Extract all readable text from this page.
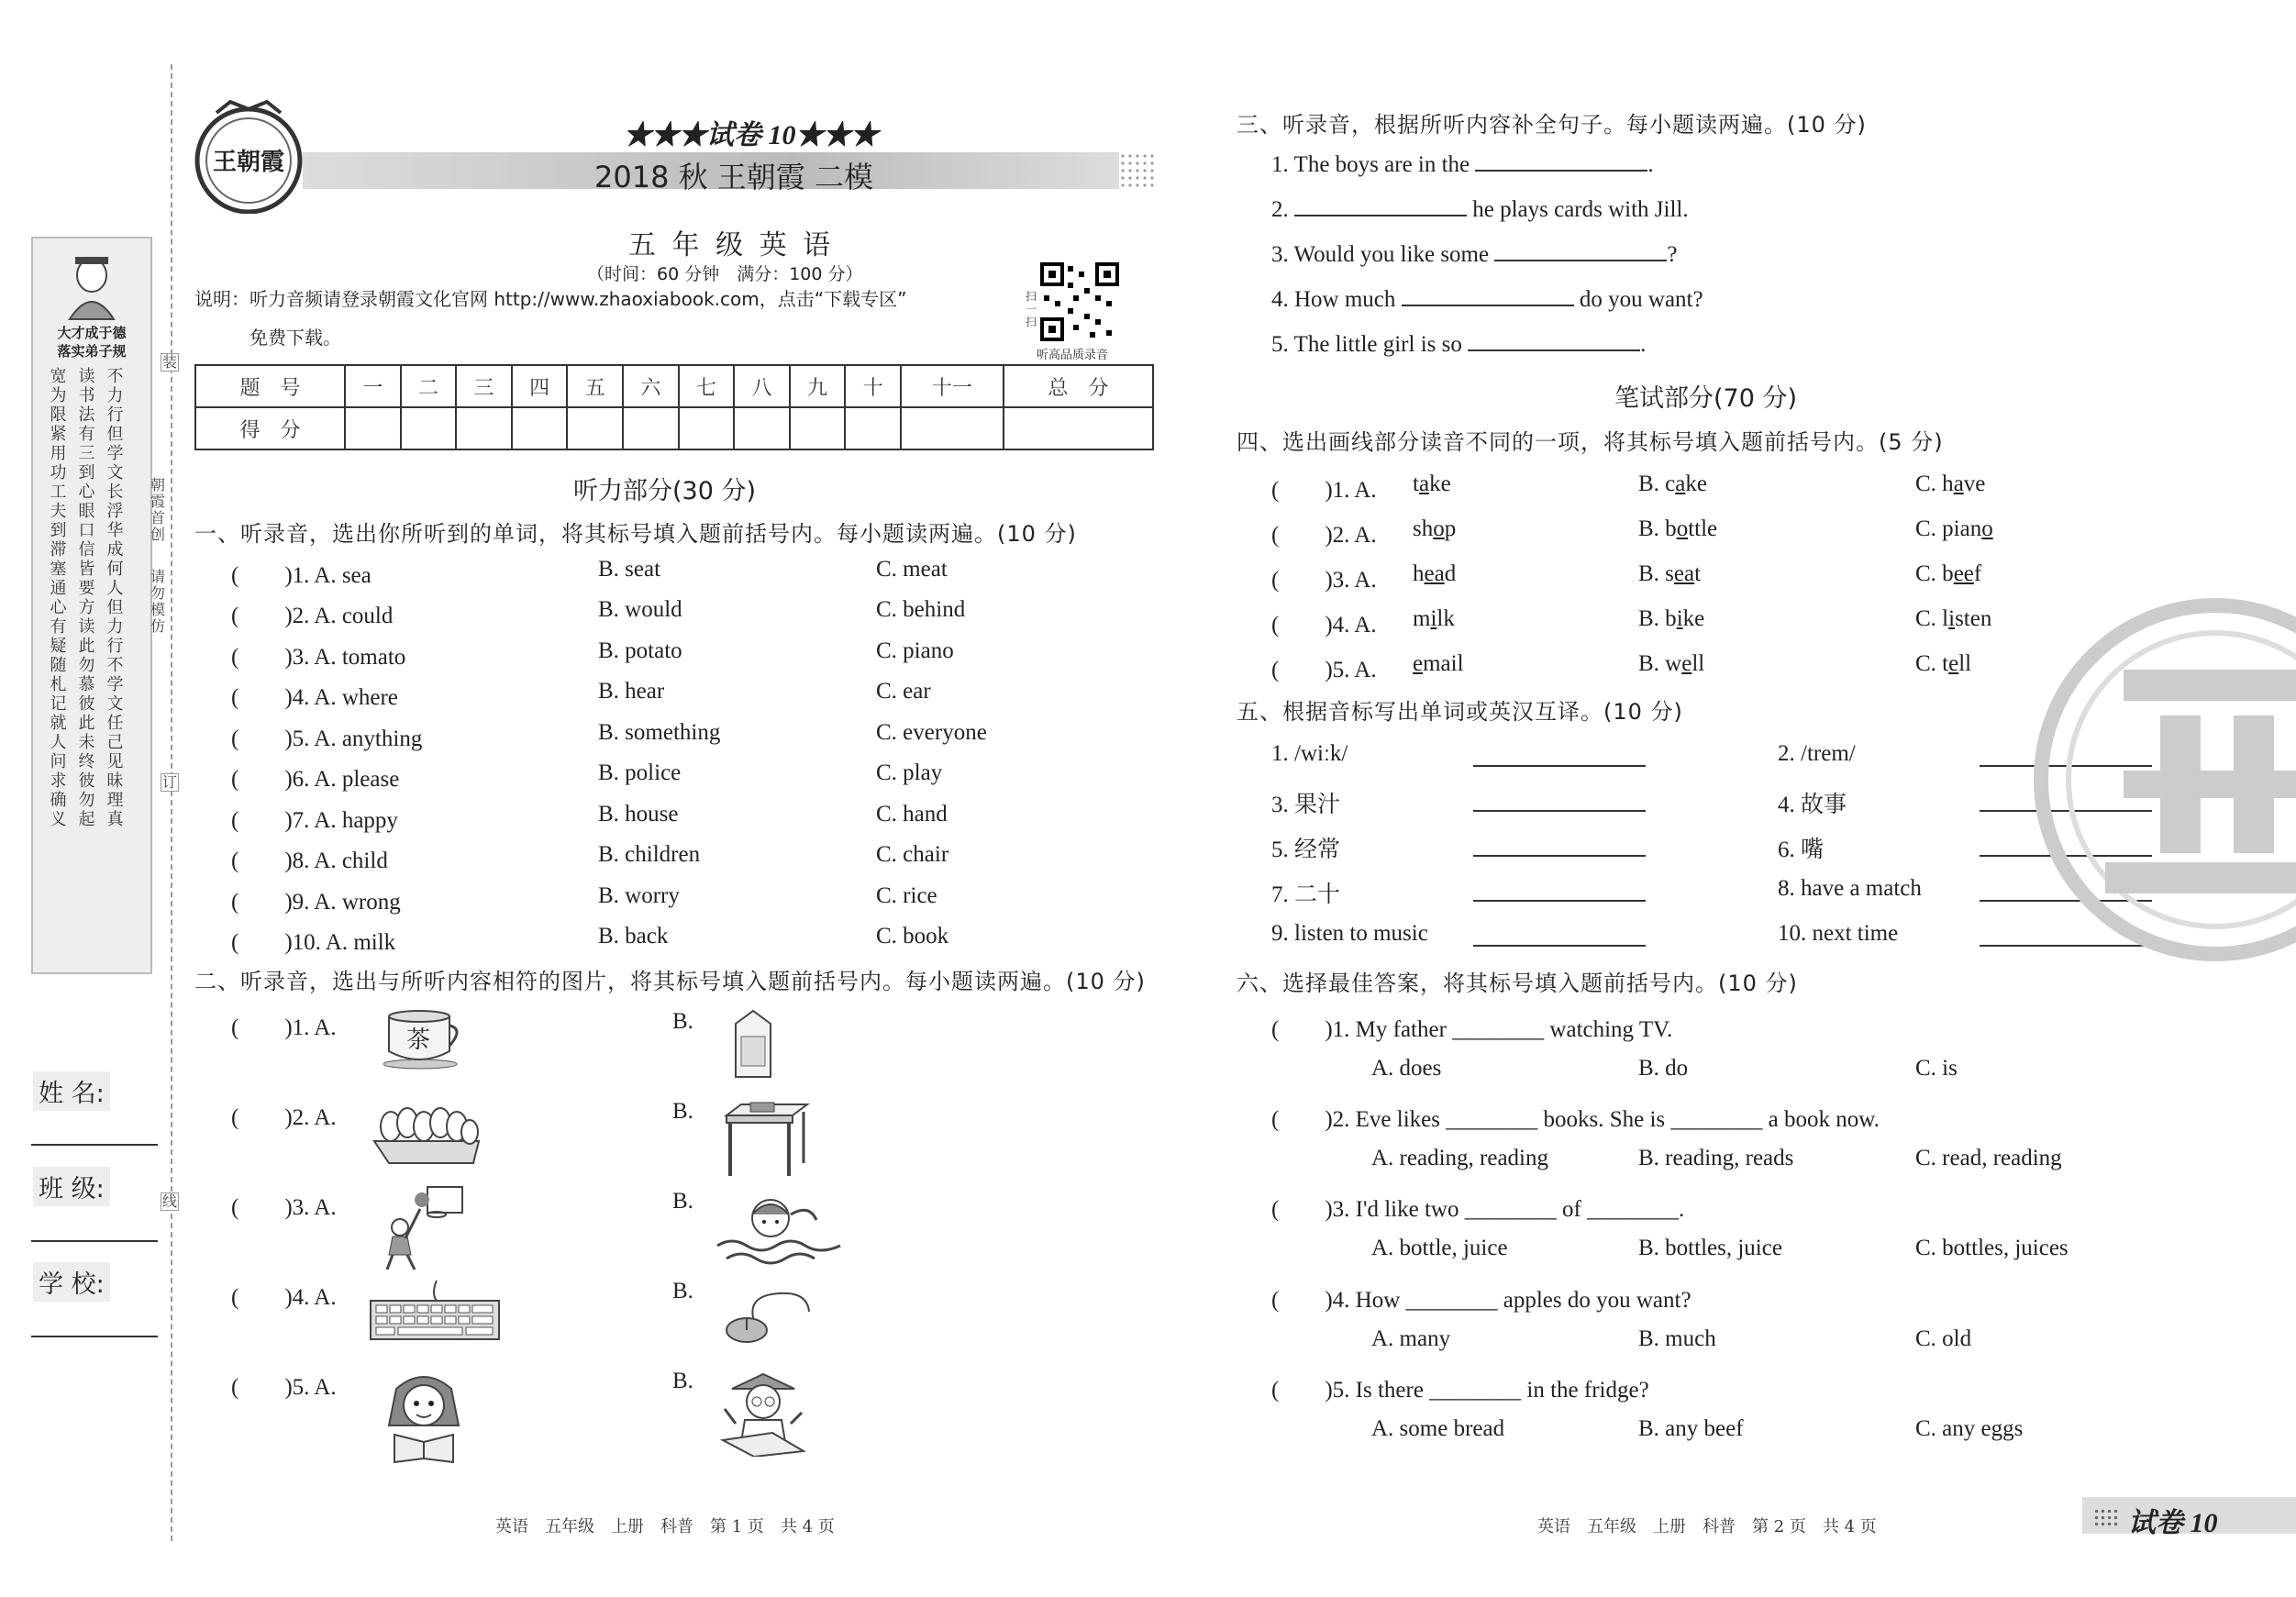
大才成于德
落实弟子规
宽为限紧用功工夫到滞塞通心有疑随札记就人问求确义读书法有三到心眼口信皆要方读此勿慕彼此未终彼勿起不力行但学文长浮华成何人但力行不学文任己见昧理真
装
订
线
朝霞首创
请勿模仿
姓 名:
班 级:
学 校:
王朝霞
★★★试卷 10★★★
2018 秋 王朝霞 二模
五 年 级 英 语
（时间：60 分钟　满分：100 分）
说明：听力音频请登录朝霞文化官网 http://www.zhaoxiabook.com，点击“下载专区”
免费下载。
扫一扫
听高品质录音
题　号	一	二	三	四	五	六	七	八	九	十	十一	总　分
得　分												
听力部分(30 分)
一、听录音，选出你所听到的单词，将其标号填入题前括号内。每小题读两遍。(10 分)
(　　)1. A. sea	B. seat	C. meat
(　　)2. A. could	B. would	C. behind
(　　)3. A. tomato	B. potato	C. piano
(　　)4. A. where	B. hear	C. ear
(　　)5. A. anything	B. something	C. everyone
(　　)6. A. please	B. police	C. play
(　　)7. A. happy	B. house	C. hand
(　　)8. A. child	B. children	C. chair
(　　)9. A. wrong	B. worry	C. rice
(　　)10. A. milk	B. back	C. book
二、听录音，选出与所听内容相符的图片，将其标号填入题前括号内。每小题读两遍。(10 分)
(　　)1. A.	B.
茶
(　　)2. A.	B.
(　　)3. A.	B.
(　　)4. A.	B.
(　　)5. A.	B.
英语　五年级　上册　科普　第 1 页　共 4 页
三、听录音，根据所听内容补全句子。每小题读两遍。(10 分)
1. The boys are in the	.
2.	he plays cards with Jill.
3. Would you like some	?
4. How much	do you want?
5. The little girl is so	.
笔试部分(70 分)
四、选出画线部分读音不同的一项，将其标号填入题前括号内。(5 分)
(　　)1. A. take	B. cake	C. have
(　　)2. A. shop	B. bottle	C. piano
(　　)3. A. head	B. seat	C. beef
(　　)4. A. milk	B. bike	C. listen
(　　)5. A. email	B. well	C. tell
五、根据音标写出单词或英汉互译。(10 分)
1. /wiːk/	2. /trem/
3. 果汁	4. 故事
5. 经常	6. 嘴
7. 二十	8. have a match
9. listen to music	10. next time
六、选择最佳答案，将其标号填入题前括号内。(10 分)
(　　)1. My father ________ watching TV.
A. does	B. do	C. is
(　　)2. Eve likes ________ books. She is ________ a book now.
A. reading, reading	B. reading, reads	C. read, reading
(　　)3. I'd like two ________ of ________.
A. bottle, juice	B. bottles, juice	C. bottles, juices
(　　)4. How ________ apples do you want?
A. many	B. much	C. old
(　　)5. Is there ________ in the fridge?
A. some bread	B. any beef	C. any eggs
英语　五年级　上册　科普　第 2 页　共 4 页	试卷 10
